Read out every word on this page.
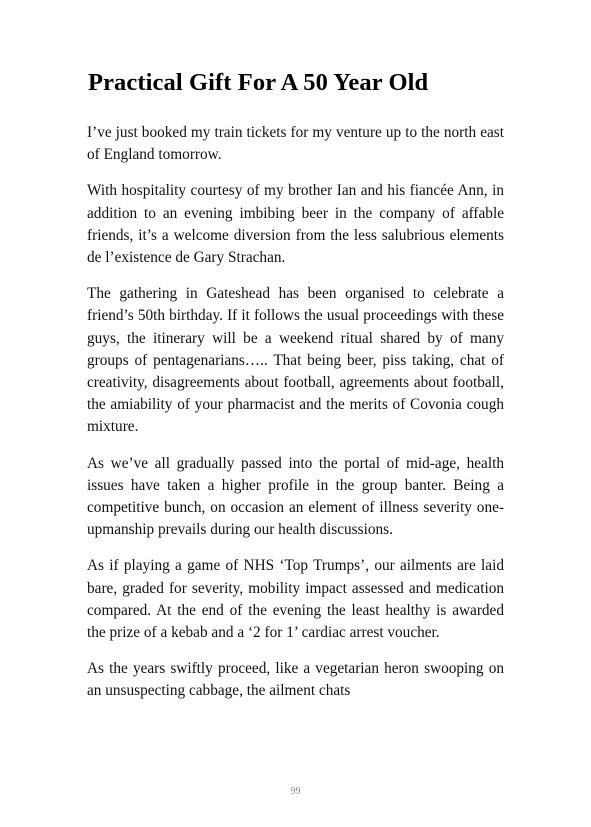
Practical Gift For A 50 Year Old

I’ve just booked my train tickets for my venture up to the north east of England tomorrow.

With hospitality courtesy of my brother Ian and his fiancée Ann, in addition to an evening imbibing beer in the company of affable friends, it’s a welcome diversion from the less salubrious elements de l’existence de Gary Strachan.

The gathering in Gateshead has been organised to celebrate a friend’s 50th birthday. If it follows the usual proceedings with these guys, the itinerary will be a weekend ritual shared by of many groups of pentagenarians….. That being beer, piss taking, chat of creativity, disagreements about football, agreements about football, the amiability of your pharmacist and the merits of Covonia cough mixture.

As we’ve all gradually passed into the portal of mid-age, health issues have taken a higher profile in the group banter. Being a competitive bunch, on occasion an element of illness severity one-upmanship prevails during our health discussions.

As if playing a game of NHS ‘Top Trumps’, our ailments are laid bare, graded for severity, mobility impact assessed and medication compared. At the end of the evening the least healthy is awarded the prize of a kebab and a ‘2 for 1’ cardiac arrest voucher.

As the years swiftly proceed, like a vegetarian heron swooping on an unsuspecting cabbage, the ailment chats

99
